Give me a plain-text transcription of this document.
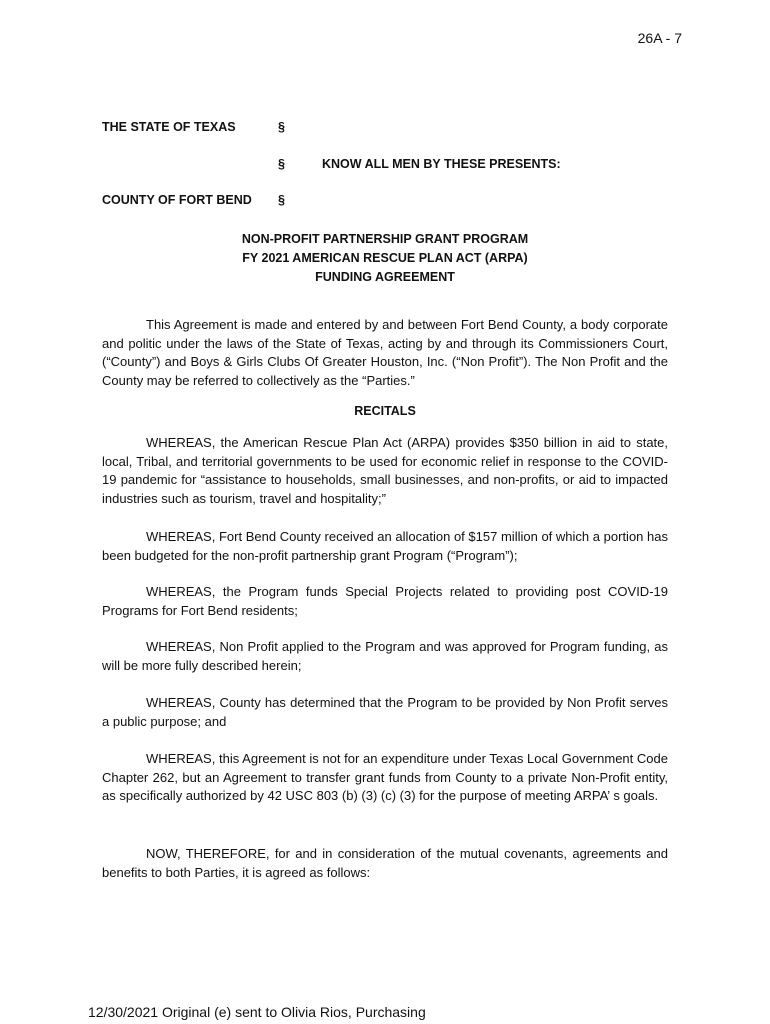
26A - 7
THE STATE OF TEXAS	§
§	KNOW ALL MEN BY THESE PRESENTS:
COUNTY OF FORT BEND §
NON-PROFIT PARTNERSHIP GRANT PROGRAM
FY 2021 AMERICAN RESCUE PLAN ACT (ARPA)
FUNDING AGREEMENT
This Agreement is made and entered by and between Fort Bend County, a body corporate and politic under the laws of the State of Texas, acting by and through its Commissioners Court, (“County”) and Boys & Girls Clubs Of Greater Houston, Inc. (“Non Profit”). The Non Profit and the County may be referred to collectively as the “Parties.”
RECITALS
WHEREAS, the American Rescue Plan Act (ARPA) provides $350 billion in aid to state, local, Tribal, and territorial governments to be used for economic relief in response to the COVID-19 pandemic for “assistance to households, small businesses, and non-profits, or aid to impacted industries such as tourism, travel and hospitality;”
WHEREAS, Fort Bend County received an allocation of $157 million of which a portion has been budgeted for the non-profit partnership grant Program (“Program”);
WHEREAS, the Program funds Special Projects related to providing post COVID-19 Programs for Fort Bend residents;
WHEREAS, Non Profit applied to the Program and was approved for Program funding, as will be more fully described herein;
WHEREAS, County has determined that the Program to be provided by Non Profit serves a public purpose; and
WHEREAS, this Agreement is not for an expenditure under Texas Local Government Code Chapter 262, but an Agreement to transfer grant funds from County to a private Non-Profit entity, as specifically authorized by 42 USC 803 (b) (3) (c) (3) for the purpose of meeting ARPA’ s goals.
NOW, THEREFORE, for and in consideration of the mutual covenants, agreements and benefits to both Parties, it is agreed as follows:
12/30/2021 Original (e) sent to Olivia Rios, Purchasing
